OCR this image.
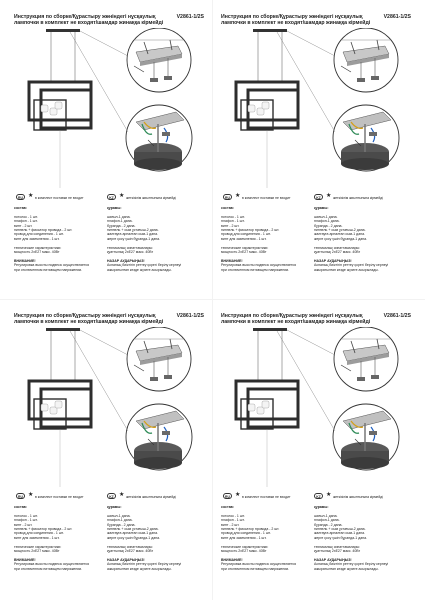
Инструкция по сборке/Құрастыру жөніндегі нұсқаулық	V2861-1/2S
лампочки в комплект не входят/шамдар жинаққа кірмейді
RU ★ в комплект поставки не входит	KZ ★ жеткізілім жиынтығына кірмейді
состав:
потолок - 1 шт.
плафон - 1 шт.
винт - 2 шт.
ниппель + фиксатор провода - 2 шт.
провод для соединения - 1 шт.
винт для заземления - 1 шт.
технические характеристики:
мощность 2хE27 макс. 40Вт
ВНИМАНИЕ!
Регулировка высоты подвеса осуществляется
при отключенном питающем напряжении.
құрамы:
шағыл-1 дана.
плафон-1 дана.
бұранда - 2 дана.
ниппель + сым ұстағыш-2 дана.
жалғауға арналған сым-1 дана.
жерге қосу үшін бұранда-1 дана.
техникалық сипаттамалары:
қуаттылық 2хE27 макс. 40Вт
НАЗАР АУДАРЫҢЫЗ!
Аспаның биіктігін реттеу қорегі берілу кернеуі
ажыратылған кезде жүзеге асырылады.
Инструкция по сборке/Құрастыру жөніндегі нұсқаулық	V2861-1/2S
лампочки в комплект не входят/шамдар жинаққа кірмейді
RU ★ в комплект поставки не входит	KZ ★ жеткізілім жиынтығына кірмейді
состав:
потолок - 1 шт.
плафон - 1 шт.
винт - 2 шт.
ниппель + фиксатор провода - 2 шт.
провод для соединения - 1 шт.
винт для заземления - 1 шт.
технические характеристики:
мощность 2хE27 макс. 40Вт
ВНИМАНИЕ!
Регулировка высоты подвеса осуществляется
при отключенном питающем напряжении.
құрамы:
шағыл-1 дана.
плафон-1 дана.
бұранда - 2 дана.
ниппель + сым ұстағыш-2 дана.
жалғауға арналған сым-1 дана.
жерге қосу үшін бұранда-1 дана.
техникалық сипаттамалары:
қуаттылық 2хE27 макс. 40Вт
НАЗАР АУДАРЫҢЫЗ!
Аспаның биіктігін реттеу қорегі берілу кернеуі
ажыратылған кезде жүзеге асырылады.
Инструкция по сборке/Құрастыру жөніндегі нұсқаулық	V2861-1/2S
лампочки в комплект не входят/шамдар жинаққа кірмейді
RU ★ в комплект поставки не входит	KZ ★ жеткізілім жиынтығына кірмейді
состав:
потолок - 1 шт.
плафон - 1 шт.
винт - 2 шт.
ниппель + фиксатор провода - 2 шт.
провод для соединения - 1 шт.
винт для заземления - 1 шт.
технические характеристики:
мощность 2хE27 макс. 40Вт
ВНИМАНИЕ!
Регулировка высоты подвеса осуществляется
при отключенном питающем напряжении.
құрамы:
шағыл-1 дана.
плафон-1 дана.
бұранда - 2 дана.
ниппель + сым ұстағыш-2 дана.
жалғауға арналған сым-1 дана.
жерге қосу үшін бұранда-1 дана.
техникалық сипаттамалары:
қуаттылық 2хE27 макс. 40Вт
НАЗАР АУДАРЫҢЫЗ!
Аспаның биіктігін реттеу қорегі берілу кернеуі
ажыратылған кезде жүзеге асырылады.
Инструкция по сборке/Құрастыру жөніндегі нұсқаулық	V2861-1/2S
лампочки в комплект не входят/шамдар жинаққа кірмейді
RU ★ в комплект поставки не входит	KZ ★ жеткізілім жиынтығына кірмейді
состав:
потолок - 1 шт.
плафон - 1 шт.
винт - 2 шт.
ниппель + фиксатор провода - 2 шт.
провод для соединения - 1 шт.
винт для заземления - 1 шт.
технические характеристики:
мощность 2хE27 макс. 40Вт
ВНИМАНИЕ!
Регулировка высоты подвеса осуществляется
при отключенном питающем напряжении.
құрамы:
шағыл-1 дана.
плафон-1 дана.
бұранда - 2 дана.
ниппель + сым ұстағыш-2 дана.
жалғауға арналған сым-1 дана.
жерге қосу үшін бұранда-1 дана.
техникалық сипаттамалары:
қуаттылық 2хE27 макс. 40Вт
НАЗАР АУДАРЫҢЫЗ!
Аспаның биіктігін реттеу қорегі берілу кернеуі
ажыратылған кезде жүзеге асырылады.
